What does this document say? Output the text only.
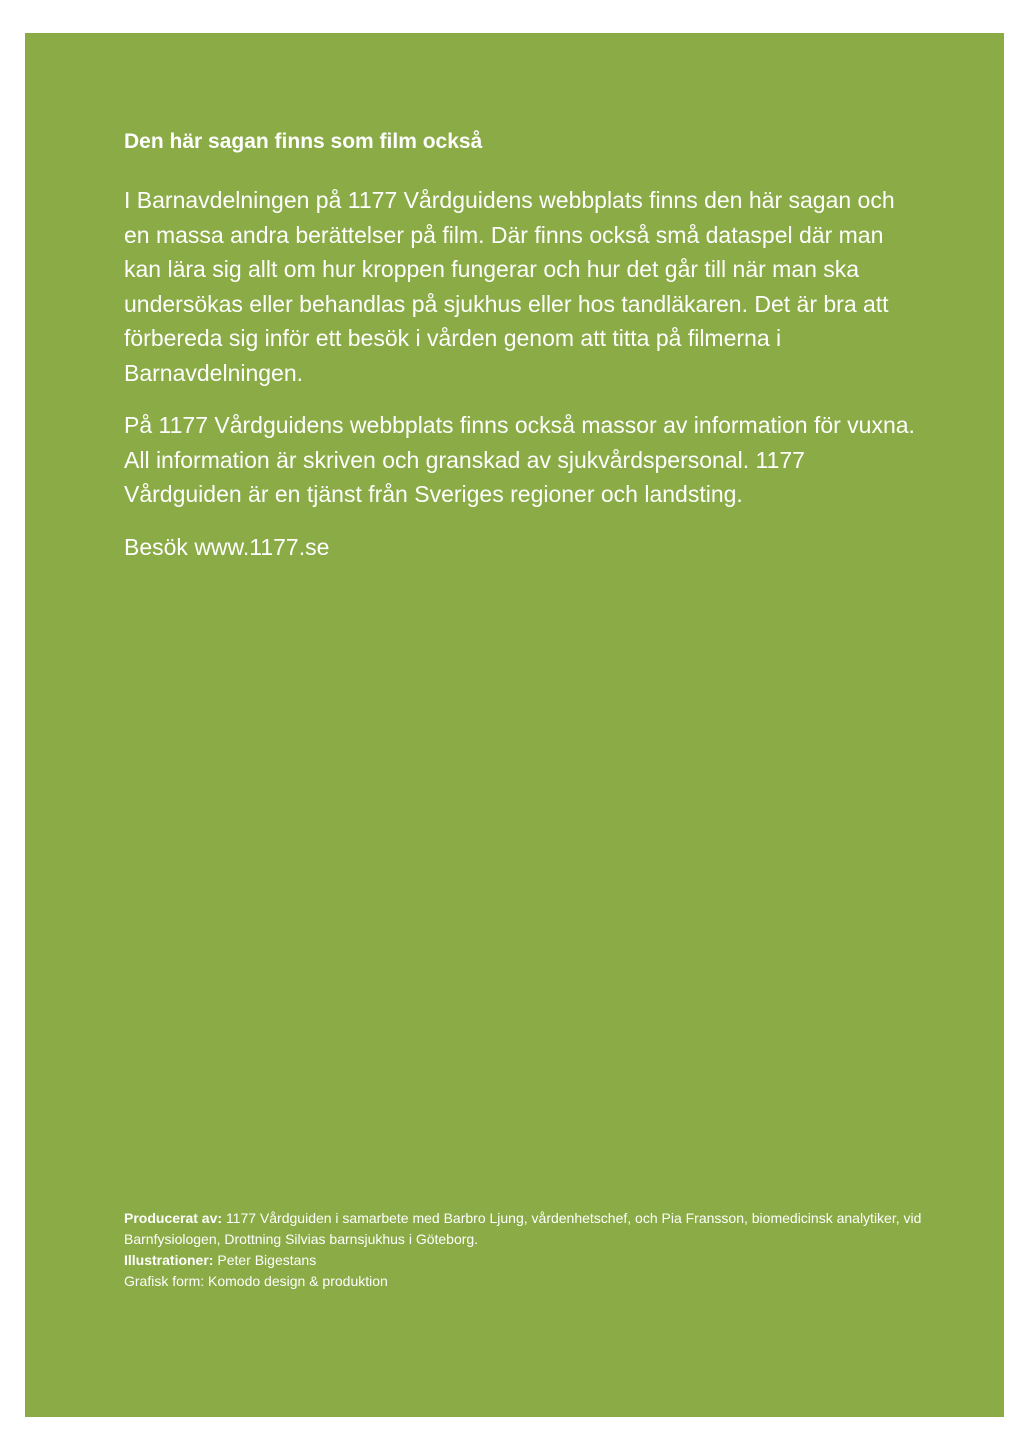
Den här sagan finns som film också

I Barnavdelningen på 1177 Vårdguidens webbplats finns den här sagan och en massa andra berättelser på film. Där finns också små dataspel där man kan lära sig allt om hur kroppen fungerar och hur det går till när man ska undersökas eller behandlas på sjukhus eller hos tandläkaren. Det är bra att förbereda sig inför ett besök i vården genom att titta på filmerna i Barnavdelningen.

På 1177 Vårdguidens webbplats finns också massor av information för vuxna. All information är skriven och granskad av sjukvårdspersonal. 1177 Vårdguiden är en tjänst från Sveriges regioner och landsting.

Besök www.1177.se

Producerat av: 1177 Vårdguiden i samarbete med Barbro Ljung, vårdenhetschef, och Pia Fransson, biomedicinsk analytiker, vid Barnfysiologen, Drottning Silvias barnsjukhus i Göteborg.

Illustrationer: Peter Bigestans

Grafisk form: Komodo design & produktion
